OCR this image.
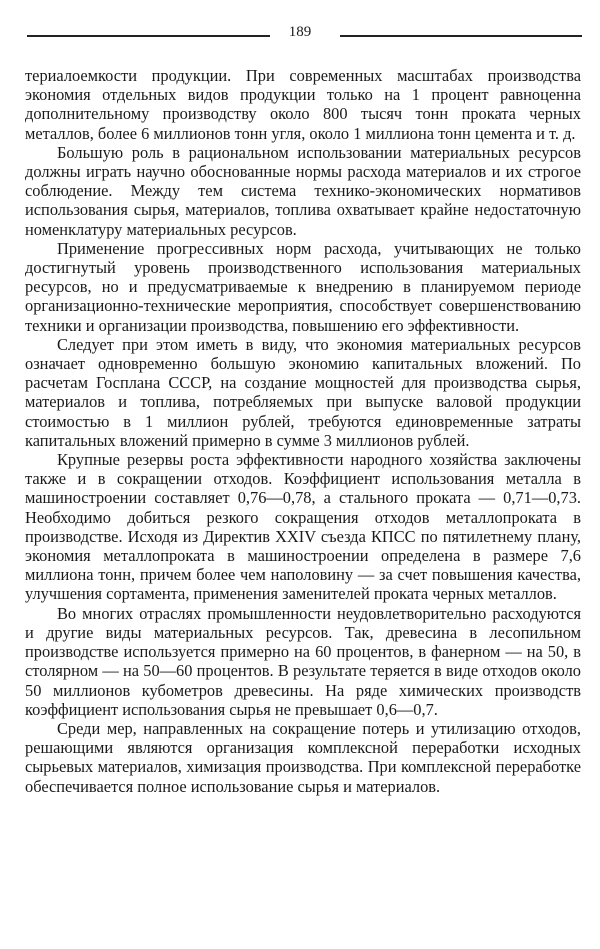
189

териалоемкости продукции. При современных масштабах производства экономия отдельных видов продукции только на 1 процент равноценна дополнительному производству около 800 тысяч тонн проката черных металлов, более 6 миллионов тонн угля, около 1 миллиона тонн цемента и т. д.

Большую роль в рациональном использовании материальных ресурсов должны играть научно обоснованные нормы расхода материалов и их строгое соблюдение. Между тем система технико-экономических нормативов использования сырья, материалов, топлива охватывает крайне недостаточную номенклатуру материальных ресурсов.

Применение прогрессивных норм расхода, учитывающих не только достигнутый уровень производственного использования материальных ресурсов, но и предусматриваемые к внедрению в планируемом периоде организационно-технические мероприятия, способствует совершенствованию техники и организации производства, повышению его эффективности.

Следует при этом иметь в виду, что экономия материальных ресурсов означает одновременно большую экономию капитальных вложений. По расчетам Госплана СССР, на создание мощностей для производства сырья, материалов и топлива, потребляемых при выпуске валовой продукции стоимостью в 1 миллион рублей, требуются единовременные затраты капитальных вложений примерно в сумме 3 миллионов рублей.

Крупные резервы роста эффективности народного хозяйства заключены также и в сокращении отходов. Коэффициент использования металла в машиностроении составляет 0,76—0,78, а стального проката — 0,71—0,73. Необходимо добиться резкого сокращения отходов металлопроката в производстве. Исходя из Директив XXIV съезда КПСС по пятилетнему плану, экономия металлопроката в машиностроении определена в размере 7,6 миллиона тонн, причем более чем наполовину — за счет повышения качества, улучшения сортамента, применения заменителей проката черных металлов.

Во многих отраслях промышленности неудовлетворительно расходуются и другие виды материальных ресурсов. Так, древесина в лесопильном производстве используется примерно на 60 процентов, в фанерном — на 50, в столярном — на 50—60 процентов. В результате теряется в виде отходов около 50 миллионов кубометров древесины. На ряде химических производств коэффициент использования сырья не превышает 0,6—0,7.

Среди мер, направленных на сокращение потерь и утилизацию отходов, решающими являются организация комплексной переработки исходных сырьевых материалов, химизация производства. При комплексной переработке обеспечивается полное использование сырья и материалов.
